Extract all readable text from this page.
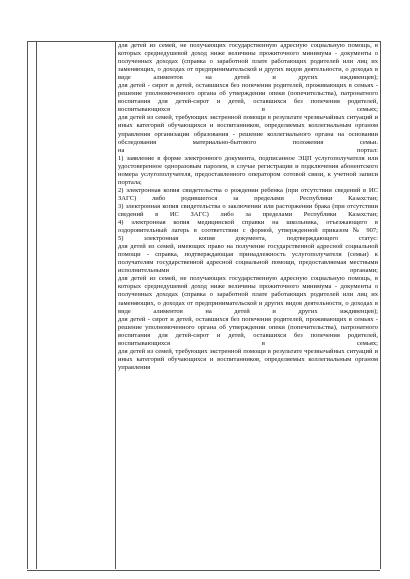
для детей из семей, не получающих государственную адресную социальную помощь, в которых среднедушевой доход ниже величины прожиточного минимума - документы о полученных доходах (справка о заработной плате работающих родителей или лиц их заменяющих, о доходах от предпринимательской и других видов деятельности, о доходах в виде алиментов на детей и других иждивенцев);

для детей - сирот и детей, оставшихся без попечения родителей, проживающих в семьях - решение уполномоченного органа об утверждении опеки (попечительства), патронатного воспитания для детей-сирот и детей, оставшихся без попечения родителей, воспитывающихся в семьях;

для детей из семей, требующих экстренной помощи в результате чрезвычайных ситуаций и иных категорий обучающихся и воспитанников, определяемых коллегиальным органом управления организации образования - решение коллегиального органа на основании обследования материально-бытового положения семьи.

на портал:

1) заявление в форме электронного документа, подписанное ЭЦП услугополучателя или удостоверенное одноразовым паролем, в случае регистрации и подключения абонентского номера услугополучателя, предоставленного оператором сотовой связи, к учетной записи портала;

2) электронная копия свидетельства о рождении ребенка (при отсутствии сведений в ИС ЗАГС) либо родившегося за пределами Республики Казахстан;

3) электронная копия свидетельства о заключении или расторжении брака (при отсутствии сведений в ИС ЗАГС) либо за пределами Республики Казахстан;

4) электронная копия медицинской справки на школьника, отъезжающего в оздоровительный лагерь в соответствии с формой, утвержденной приказом № 907;

5) электронная копия документа, подтверждающего статус:

для детей из семей, имеющих право на получение государственной адресной социальной помощи - справка, подтверждающая принадлежность услугополучателя (семьи) к получателям государственной адресной социальной помощи, предоставляемая местными исполнительными органами;

для детей из семей, не получающих государственную адресную социальную помощь, в которых среднедушевой доход ниже величины прожиточного минимума - документы о полученных доходах (справка о заработной плате работающих родителей или лиц их заменяющих, о доходах от предпринимательской и других видов деятельности, о доходах в виде алиментов на детей и других иждивенцев);

для детей - сирот и детей, оставшихся без попечения родителей, проживающих в семьях - решение уполномоченного органа об утверждении опеки (попечительства), патронатного воспитания для детей-сирот и детей, оставшихся без попечения родителей, воспитывающихся в семьях;

для детей из семей, требующих экстренной помощи в результате чрезвычайных ситуаций и иных категорий обучающихся и воспитанников, определяемых коллегиальным органом управления
